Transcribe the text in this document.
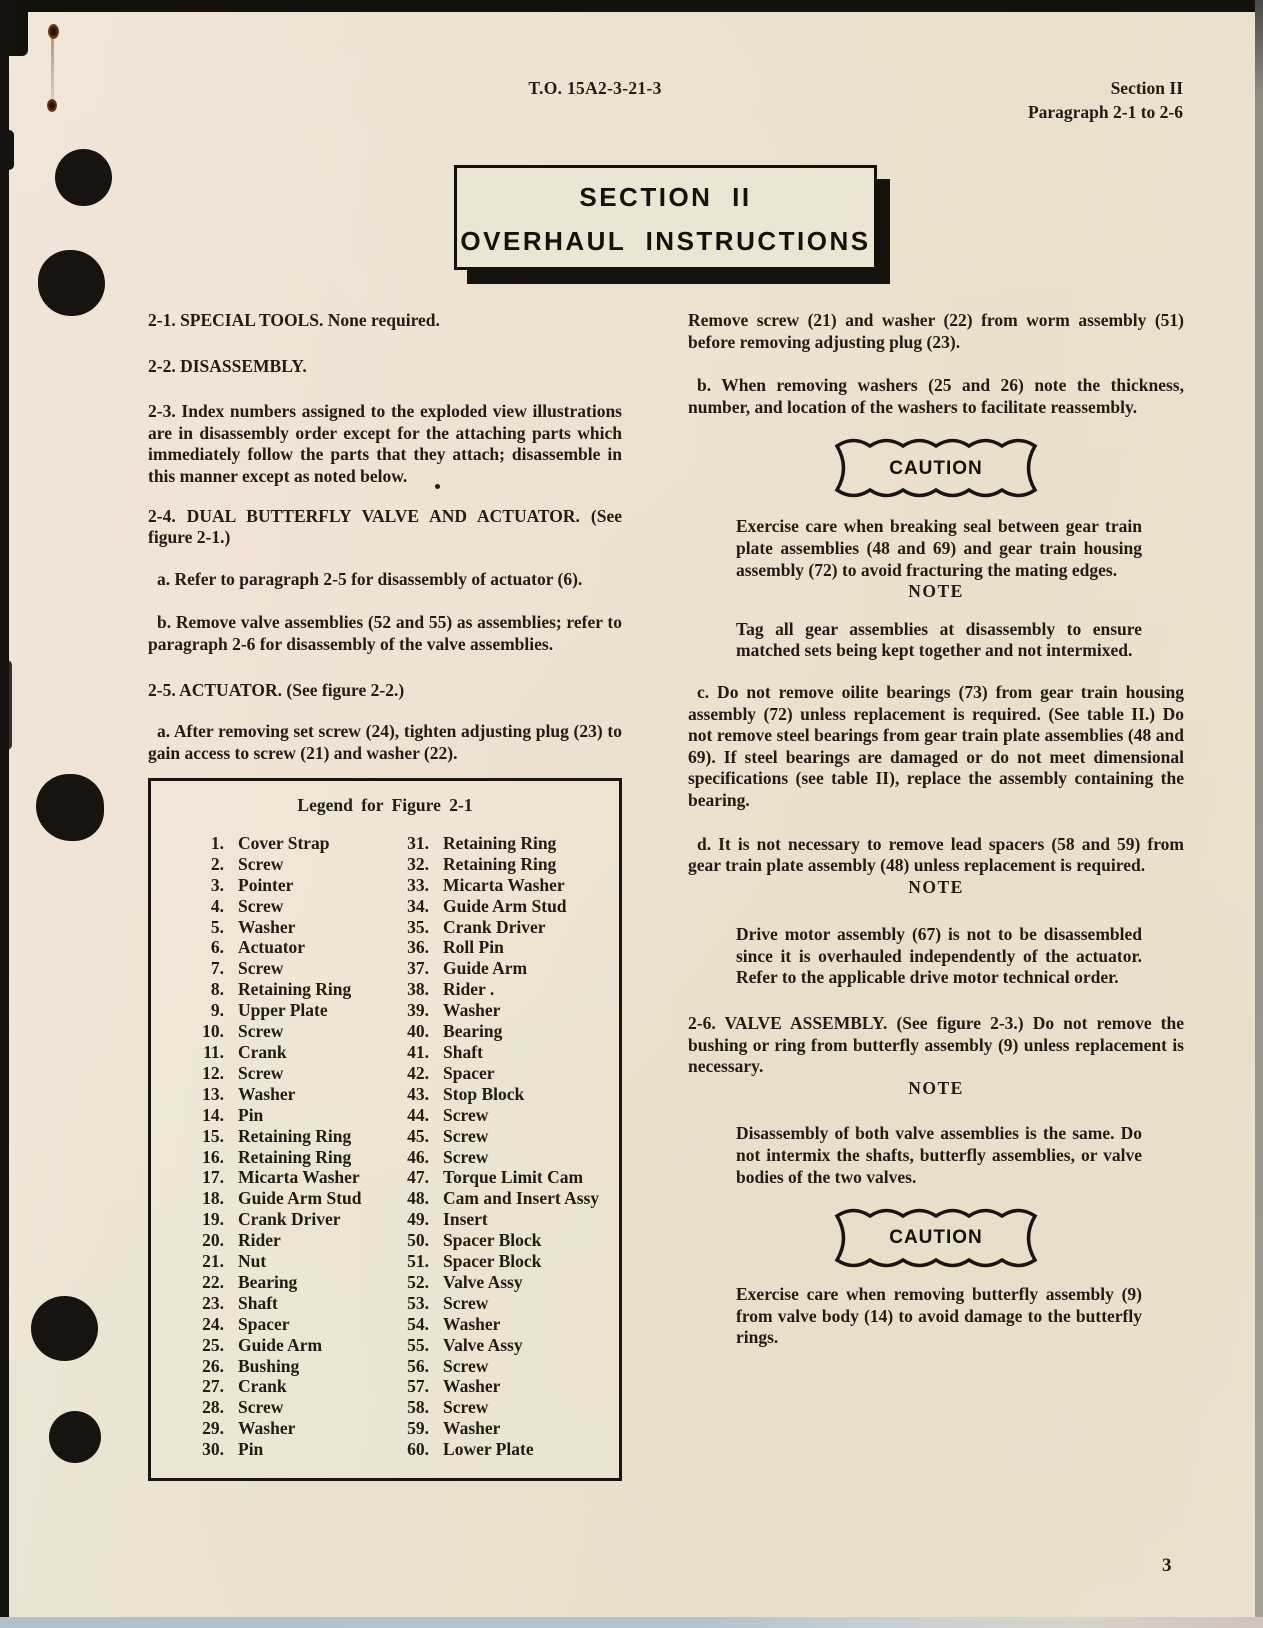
T.O. 15A2-3-21-3	Section II
Paragraph 2-1 to 2-6
SECTION II
OVERHAUL INSTRUCTIONS

2-1. SPECIAL TOOLS. None required.

2-2. DISASSEMBLY.

2-3. Index numbers assigned to the exploded view illustrations are in disassembly order except for the attaching parts which immediately follow the parts that they attach; disassemble in this manner except as noted below.

2-4. DUAL BUTTERFLY VALVE AND ACTUATOR. (See figure 2-1.)

a. Refer to paragraph 2-5 for disassembly of actuator (6).

b. Remove valve assemblies (52 and 55) as assemblies; refer to paragraph 2-6 for disassembly of the valve assemblies.

2-5. ACTUATOR. (See figure 2-2.)

a. After removing set screw (24), tighten adjusting plug (23) to gain access to screw (21) and washer (22).

Legend for Figure 2-1
1. Cover Strap
2. Screw
3. Pointer
4. Screw
5. Washer
6. Actuator
7. Screw
8. Retaining Ring
9. Upper Plate
10. Screw
11. Crank
12. Screw
13. Washer
14. Pin
15. Retaining Ring
16. Retaining Ring
17. Micarta Washer
18. Guide Arm Stud
19. Crank Driver
20. Rider
21. Nut
22. Bearing
23. Shaft
24. Spacer
25. Guide Arm
26. Bushing
27. Crank
28. Screw
29. Washer
30. Pin
31. Retaining Ring
32. Retaining Ring
33. Micarta Washer
34. Guide Arm Stud
35. Crank Driver
36. Roll Pin
37. Guide Arm
38. Rider .
39. Washer
40. Bearing
41. Shaft
42. Spacer
43. Stop Block
44. Screw
45. Screw
46. Screw
47. Torque Limit Cam
48. Cam and Insert Assy
49. Insert
50. Spacer Block
51. Spacer Block
52. Valve Assy
53. Screw
54. Washer
55. Valve Assy
56. Screw
57. Washer
58. Screw
59. Washer
60. Lower Plate

Remove screw (21) and washer (22) from worm assembly (51) before removing adjusting plug (23).

b. When removing washers (25 and 26) note the thickness, number, and location of the washers to facilitate reassembly.

CAUTION

Exercise care when breaking seal between gear train plate assemblies (48 and 69) and gear train housing assembly (72) to avoid fracturing the mating edges.

NOTE

Tag all gear assemblies at disassembly to ensure matched sets being kept together and not intermixed.

c. Do not remove oilite bearings (73) from gear train housing assembly (72) unless replacement is required. (See table II.) Do not remove steel bearings from gear train plate assemblies (48 and 69). If steel bearings are damaged or do not meet dimensional specifications (see table II), replace the assembly containing the bearing.

d. It is not necessary to remove lead spacers (58 and 59) from gear train plate assembly (48) unless replacement is required.

NOTE

Drive motor assembly (67) is not to be disassembled since it is overhauled independently of the actuator. Refer to the applicable drive motor technical order.

2-6. VALVE ASSEMBLY. (See figure 2-3.) Do not remove the bushing or ring from butterfly assembly (9) unless replacement is necessary.

NOTE

Disassembly of both valve assemblies is the same. Do not intermix the shafts, butterfly assemblies, or valve bodies of the two valves.

CAUTION

Exercise care when removing butterfly assembly (9) from valve body (14) to avoid damage to the butterfly rings.

3
